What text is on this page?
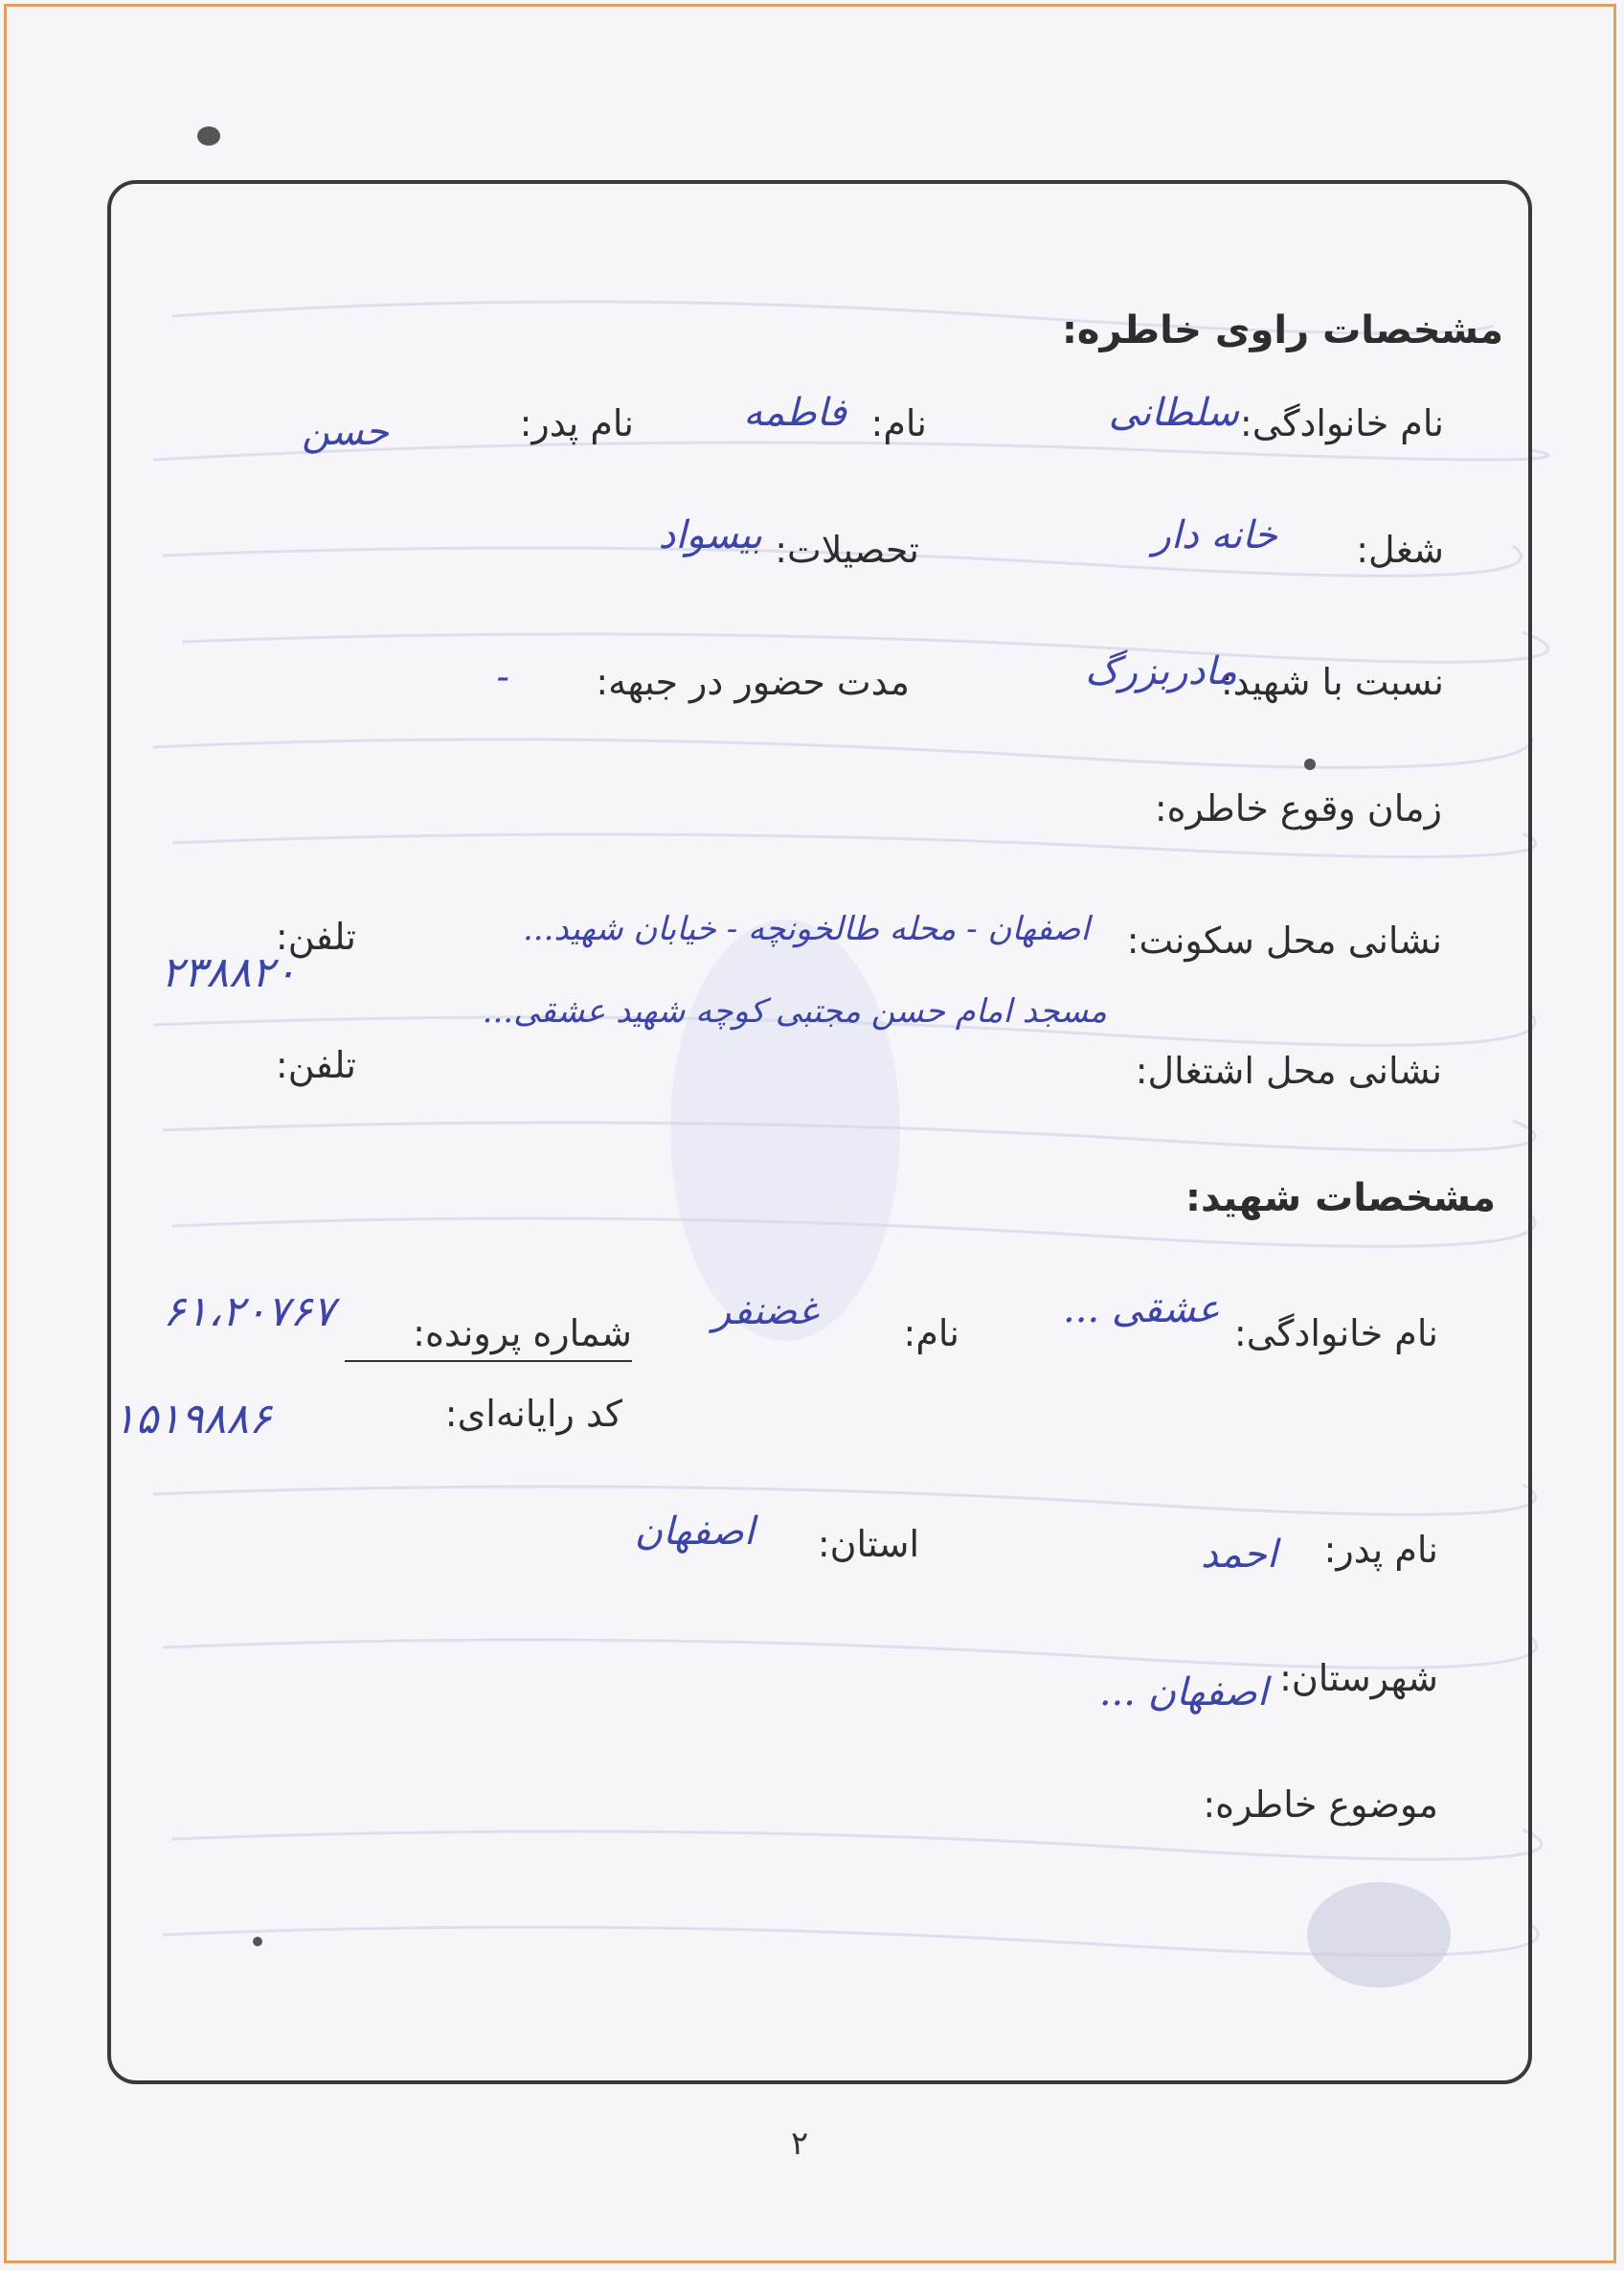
مشخصات راوی خاطره:
نام خانوادگی:
سلطانی
نام:
فاطمه
نام پدر:
حسن
شغل:
خانه دار
تحصیلات:
بیسواد
نسبت با شهید:
مادربزرگ
مدت حضور در جبهه:
-
زمان وقوع خاطره:
نشانی محل سکونت:
اصفهان - محله طالخونچه - خیابان شهید...
تلفن:
۲۳۸۸۲۰
مسجد امام حسن مجتبی کوچه شهید عشقی...
نشانی محل اشتغال:
تلفن:
مشخصات شهید:
نام خانوادگی:
عشقی ...
نام:
غضنفر
شماره پرونده:
۶۱،۲۰۷۶۷
کد رایانه‌ای:
۱۵۱۹۸۸۶
نام پدر:
احمد
استان:
اصفهان
شهرستان:
اصفهان ...
موضوع خاطره:
۲
